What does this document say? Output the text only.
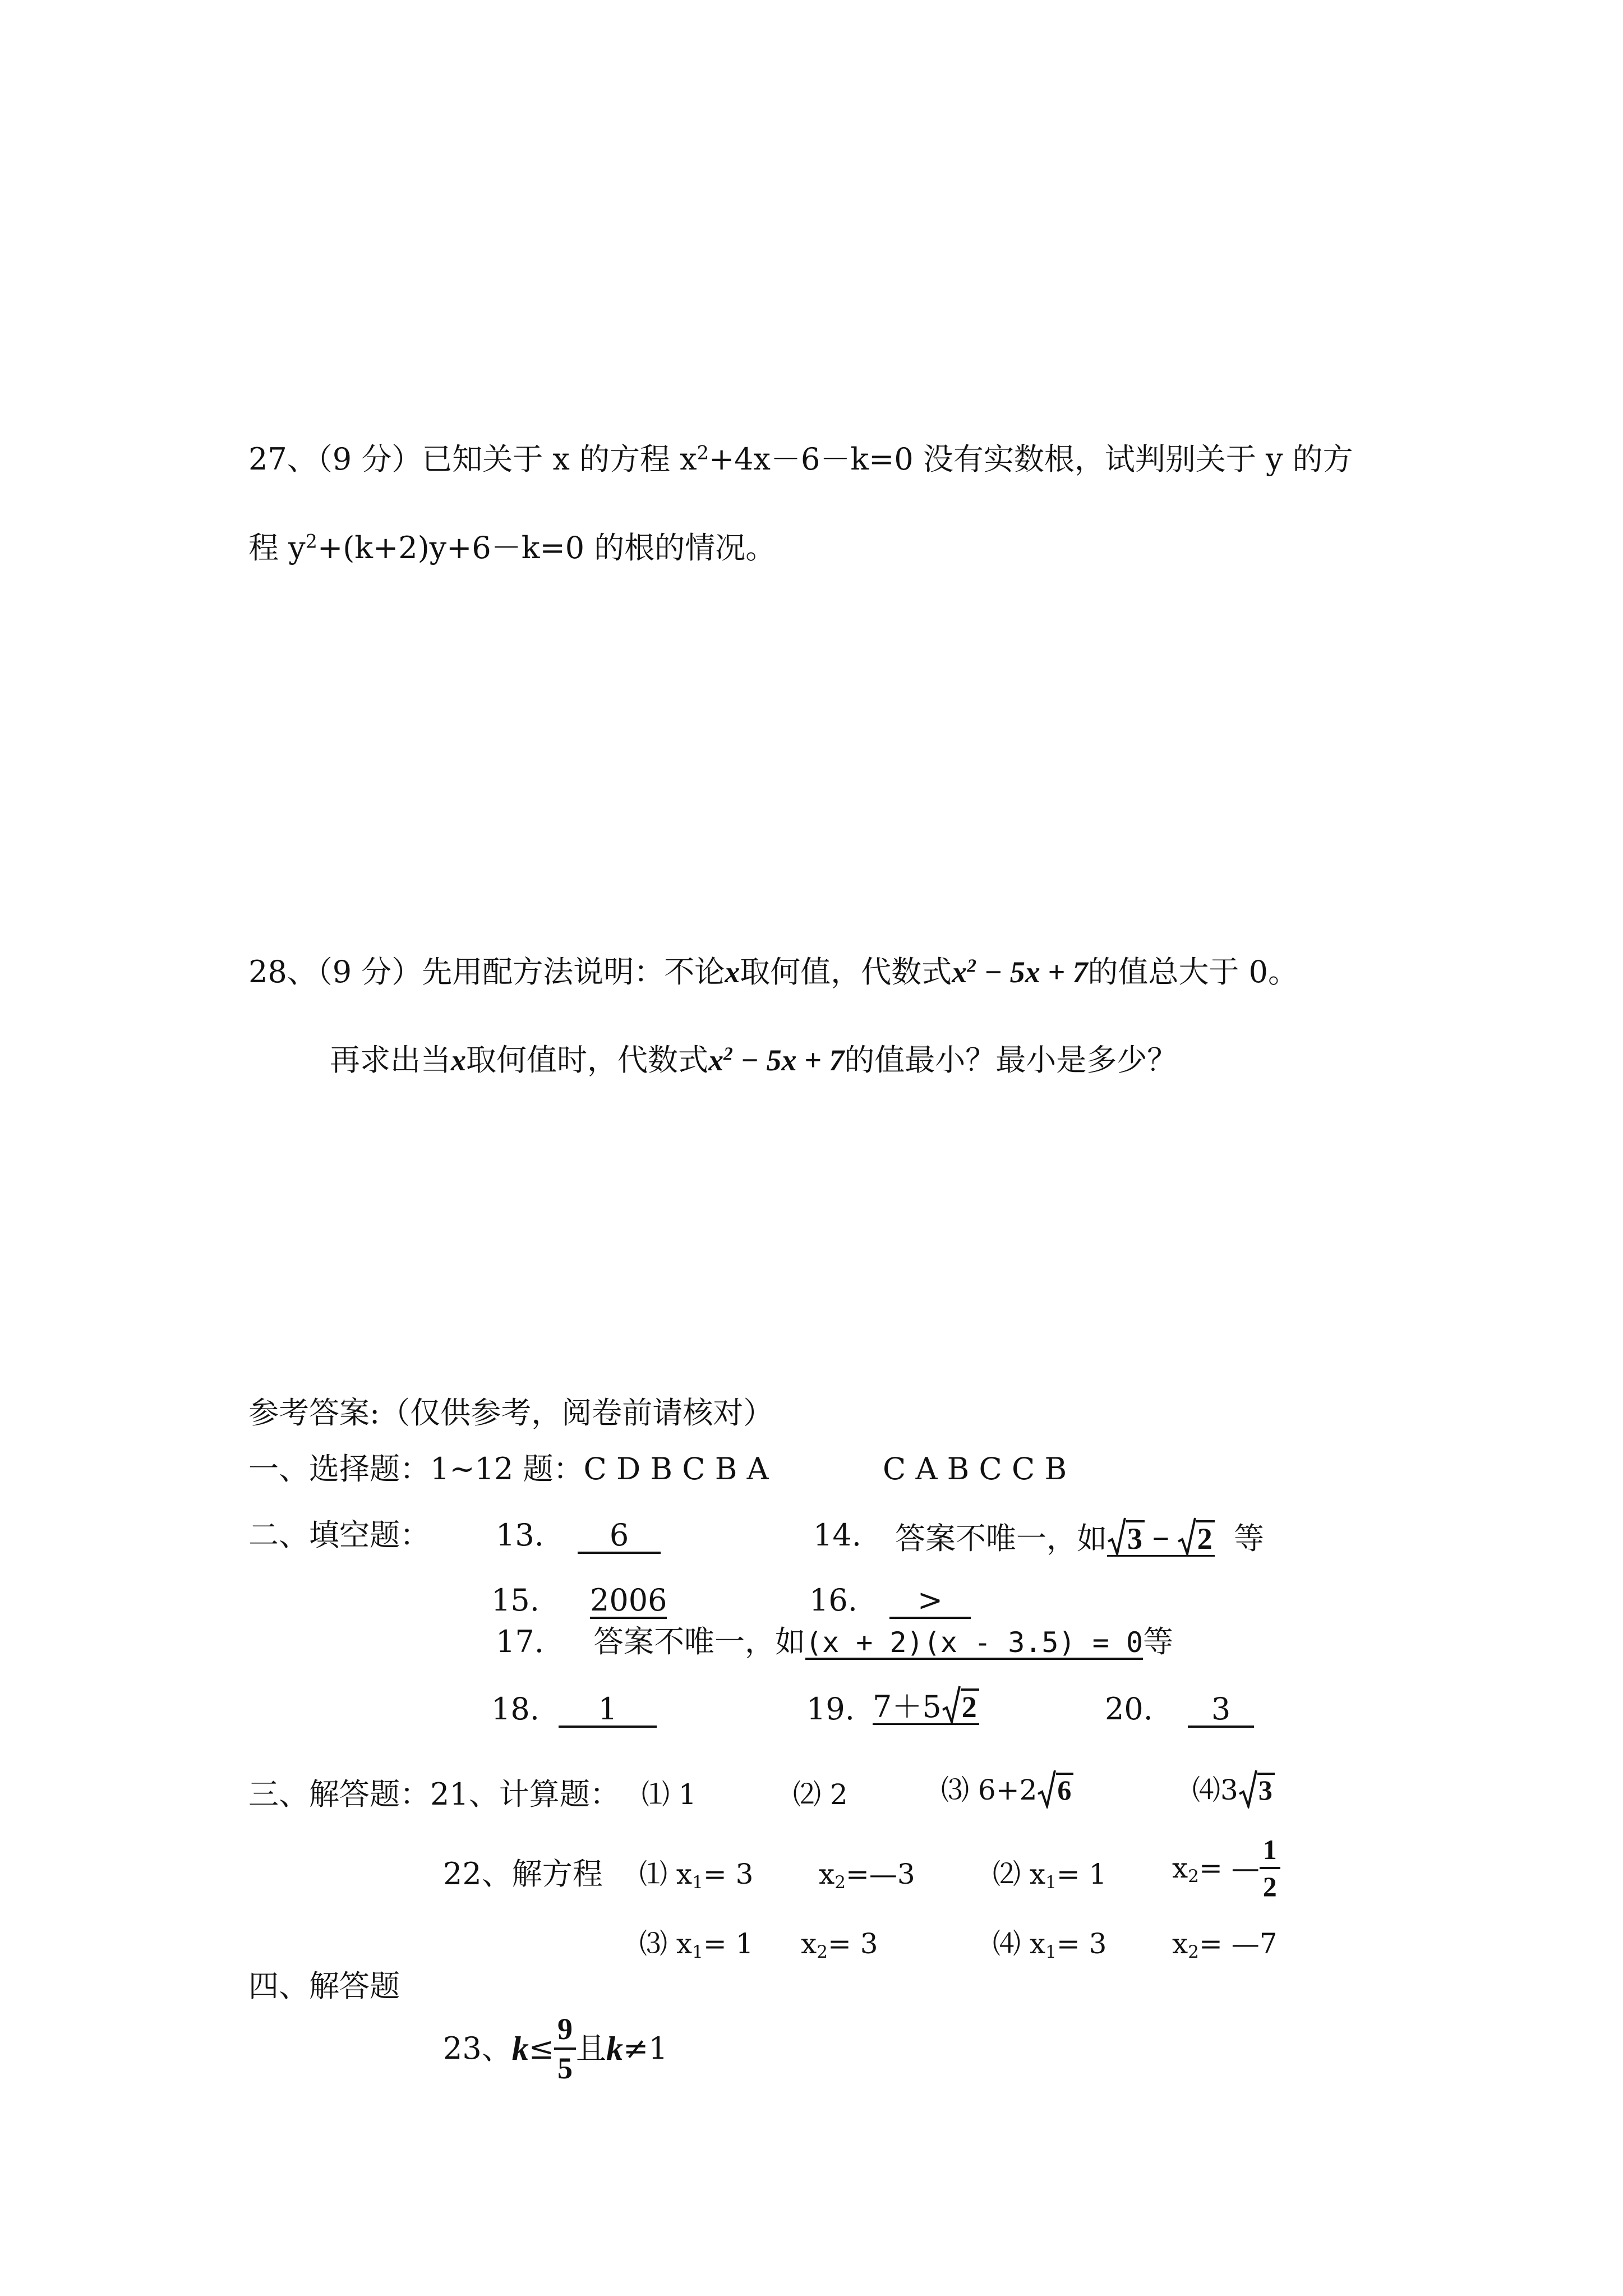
27、（9 分）已知关于 x 的方程 $x^2+4x-6-k=0$ 没有实数根，试判别关于 y 的方
程 $y^2+(k+2)y+6-k=0$ 的根的情况。
28、（9 分）先用配方法说明：不论x取何值，代数式$x^2 - 5x + 7$的值总大于 0。
再求出当x取何值时，代数式$x^2 - 5x + 7$的值最小？最小是多少？
参考答案:（仅供参考，阅卷前请核对）
一、选择题：1~12 题：C D B C B A	C A B C C B
二、填空题： 13.	6	14. 答案不唯一，如 3 −
2 等
15. 2006	16.	>
17. 答案不唯一，如(x + 2)(x - 3.5) = 0等
18.	1	19. 7＋5 2	20.	3
三、解答题：21、计算题： ⑴ 1	⑵ 2	⑶ 6+2 6	⑷3 3
22、解方程 ⑴ $x_1= 3$ $x_2=—3$	⑵ $x_1= 1$ $x_2=$ — $\frac{1}{2}$
⑶ $x_1= 1$ $x_2= 3$	⑷ $x_1= 3$ $x_2=$ —7
四、解答题
23、$k\le \frac{9}{5}$ 且k≠1
